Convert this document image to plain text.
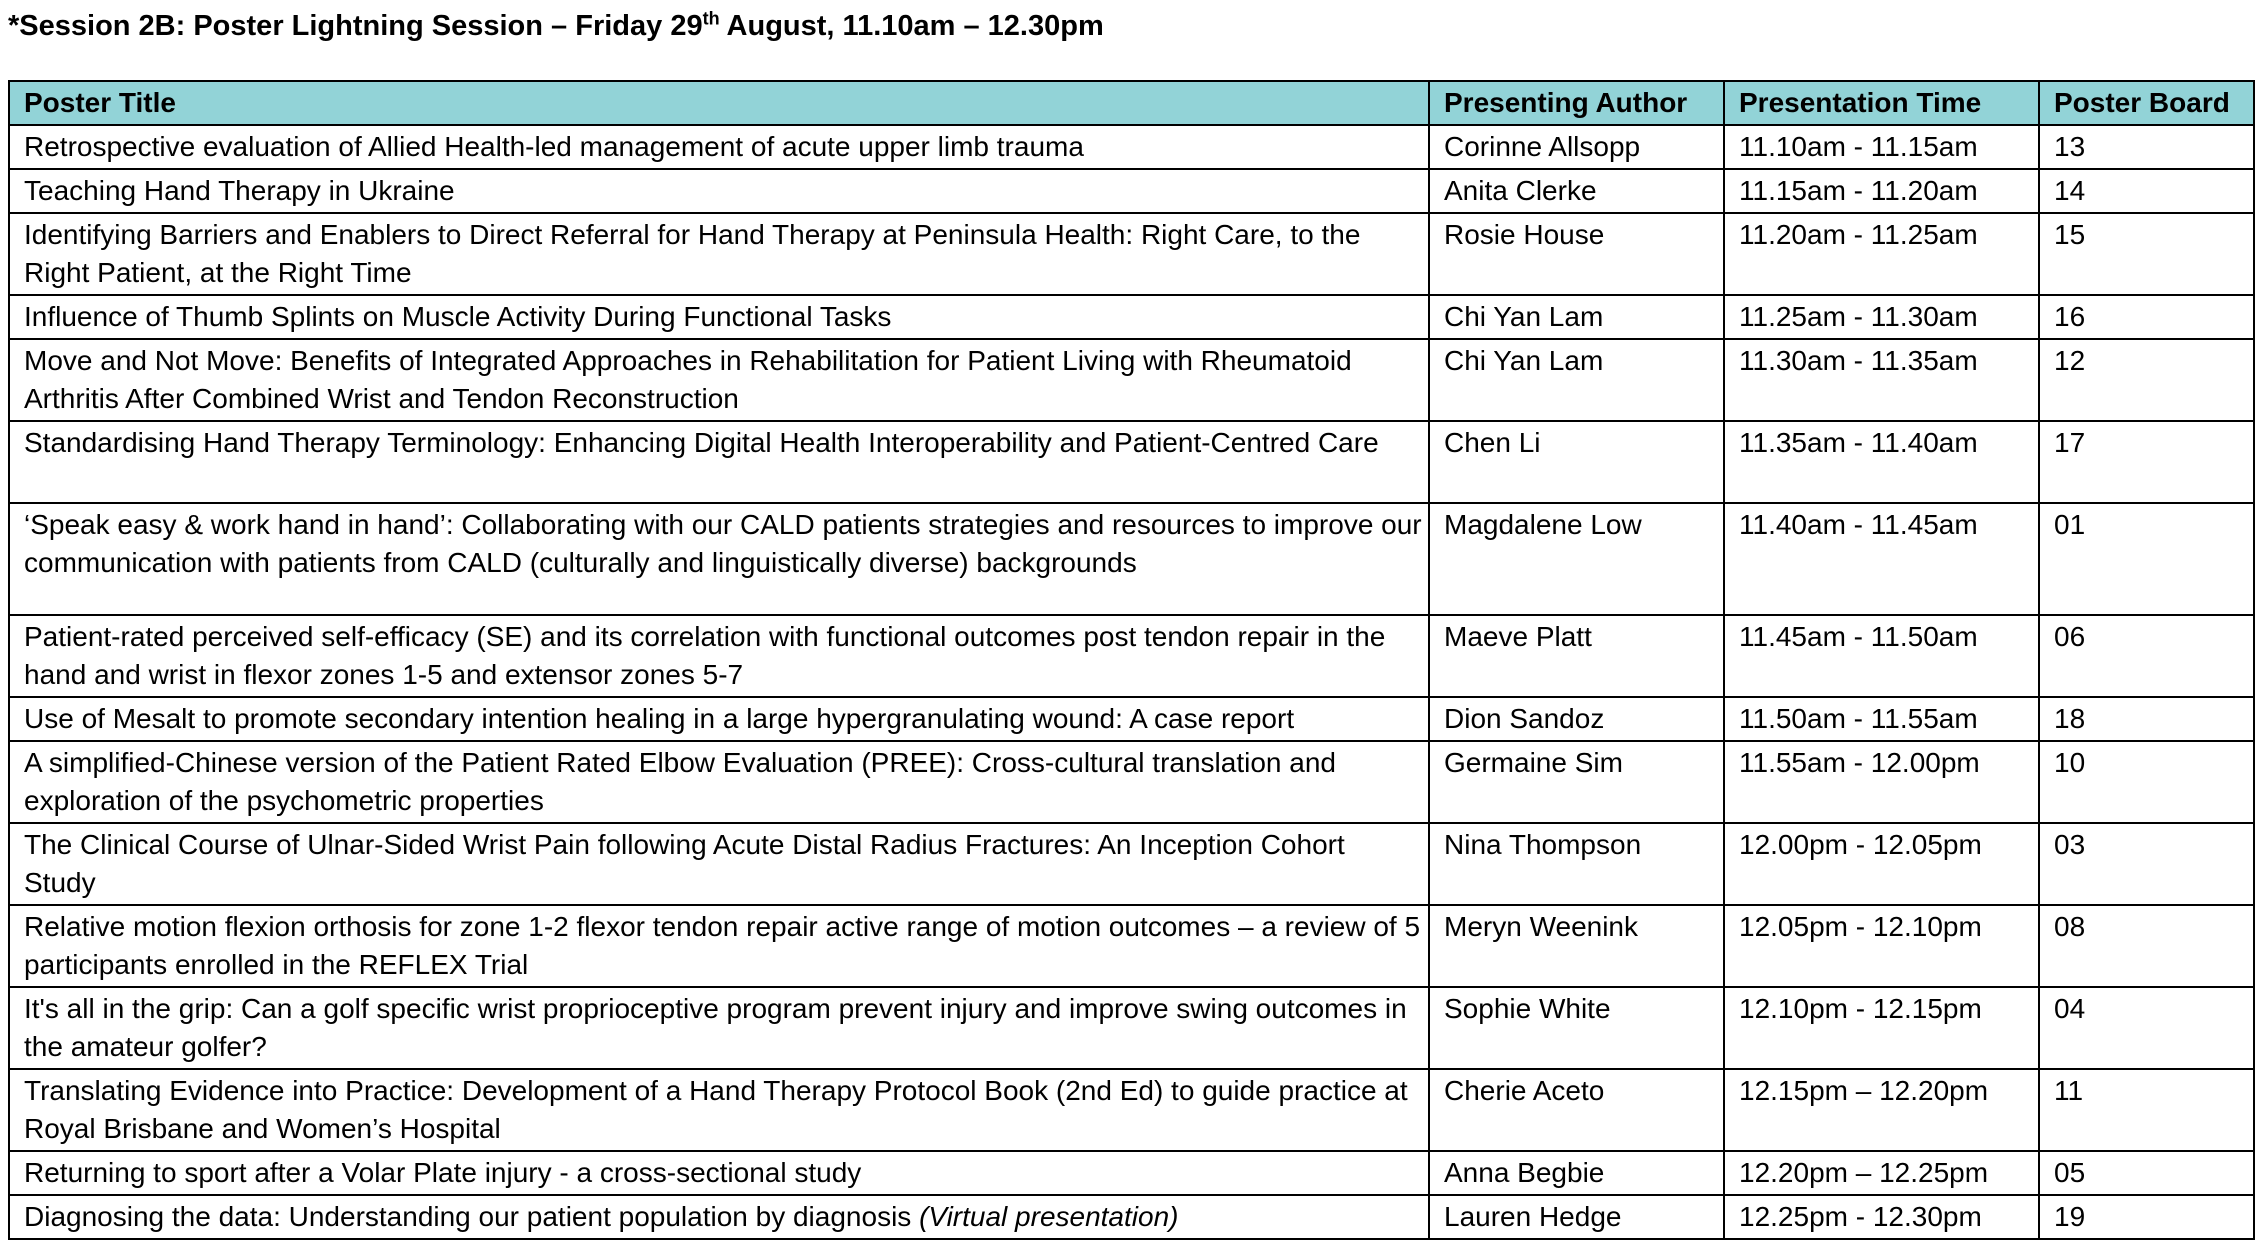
*Session 2B: Poster Lightning Session – Friday 29th August, 11.10am – 12.30pm
Poster Title	Presenting Author	Presentation Time	Poster Board
Retrospective evaluation of Allied Health-led management of acute upper limb trauma	Corinne Allsopp	11.10am - 11.15am	13
Teaching Hand Therapy in Ukraine	Anita Clerke	11.15am - 11.20am	14
Identifying Barriers and Enablers to Direct Referral for Hand Therapy at Peninsula Health: Right Care, to the Right Patient, at the Right Time	Rosie House	11.20am - 11.25am	15
Influence of Thumb Splints on Muscle Activity During Functional Tasks	Chi Yan Lam	11.25am - 11.30am	16
Move and Not Move: Benefits of Integrated Approaches in Rehabilitation for Patient Living with Rheumatoid Arthritis After Combined Wrist and Tendon Reconstruction	Chi Yan Lam	11.30am - 11.35am	12
Standardising Hand Therapy Terminology: Enhancing Digital Health Interoperability and Patient-Centred Care	Chen Li	11.35am - 11.40am	17
‘Speak easy & work hand in hand’: Collaborating with our CALD patients strategies and resources to improve our communication with patients from CALD (culturally and linguistically diverse) backgrounds	Magdalene Low	11.40am - 11.45am	01
Patient-rated perceived self-efficacy (SE) and its correlation with functional outcomes post tendon repair in the hand and wrist in flexor zones 1-5 and extensor zones 5-7	Maeve Platt	11.45am - 11.50am	06
Use of Mesalt to promote secondary intention healing in a large hypergranulating wound: A case report	Dion Sandoz	11.50am - 11.55am	18
A simplified-Chinese version of the Patient Rated Elbow Evaluation (PREE): Cross-cultural translation and exploration of the psychometric properties	Germaine Sim	11.55am - 12.00pm	10
The Clinical Course of Ulnar-Sided Wrist Pain following Acute Distal Radius Fractures: An Inception Cohort Study	Nina Thompson	12.00pm - 12.05pm	03
Relative motion flexion orthosis for zone 1-2 flexor tendon repair active range of motion outcomes – a review of 5 participants enrolled in the REFLEX Trial	Meryn Weenink	12.05pm - 12.10pm	08
It's all in the grip: Can a golf specific wrist proprioceptive program prevent injury and improve swing outcomes in the amateur golfer?	Sophie White	12.10pm - 12.15pm	04
Translating Evidence into Practice: Development of a Hand Therapy Protocol Book (2nd Ed) to guide practice at Royal Brisbane and Women’s Hospital	Cherie Aceto	12.15pm – 12.20pm	11
Returning to sport after a Volar Plate injury - a cross-sectional study	Anna Begbie	12.20pm – 12.25pm	05
Diagnosing the data: Understanding our patient population by diagnosis (Virtual presentation)	Lauren Hedge	12.25pm - 12.30pm	19
